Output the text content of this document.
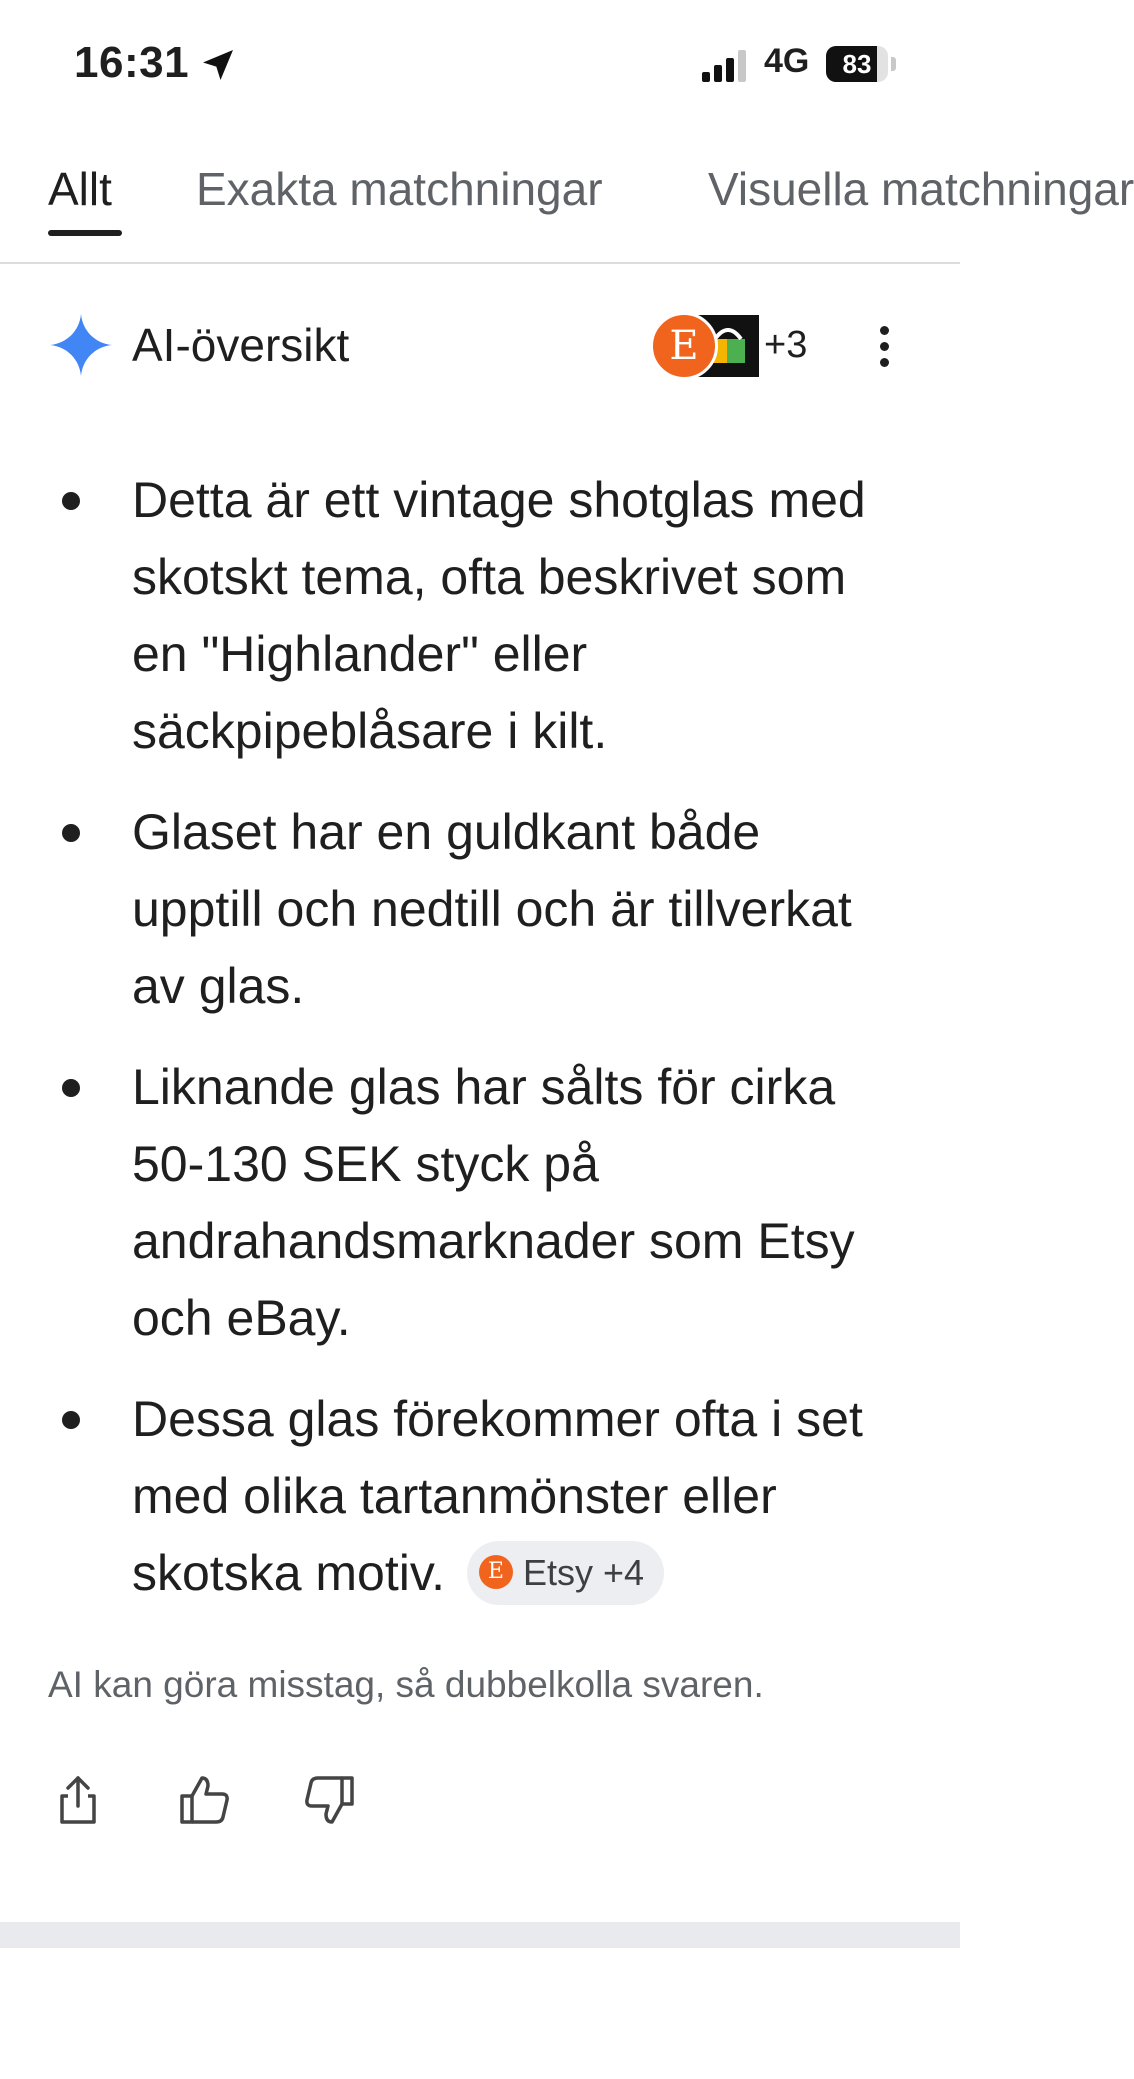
16:31	4G	83
Allt Exakta matchningar Visuella matchningar
AI-översikt	E	+3
Detta är ett vintage shotglas med skotskt tema, ofta beskrivet som en "Highlander" eller säckpipeblåsare i kilt.
Glaset har en guldkant både upptill och nedtill och är tillverkat av glas.
Liknande glas har sålts för cirka 50-130 SEK styck på andrahandsmarknader som Etsy och eBay.
Dessa glas förekommer ofta i set med olika tartanmönster eller skotska motiv. E Etsy +4
AI kan göra misstag, så dubbelkolla svaren.
